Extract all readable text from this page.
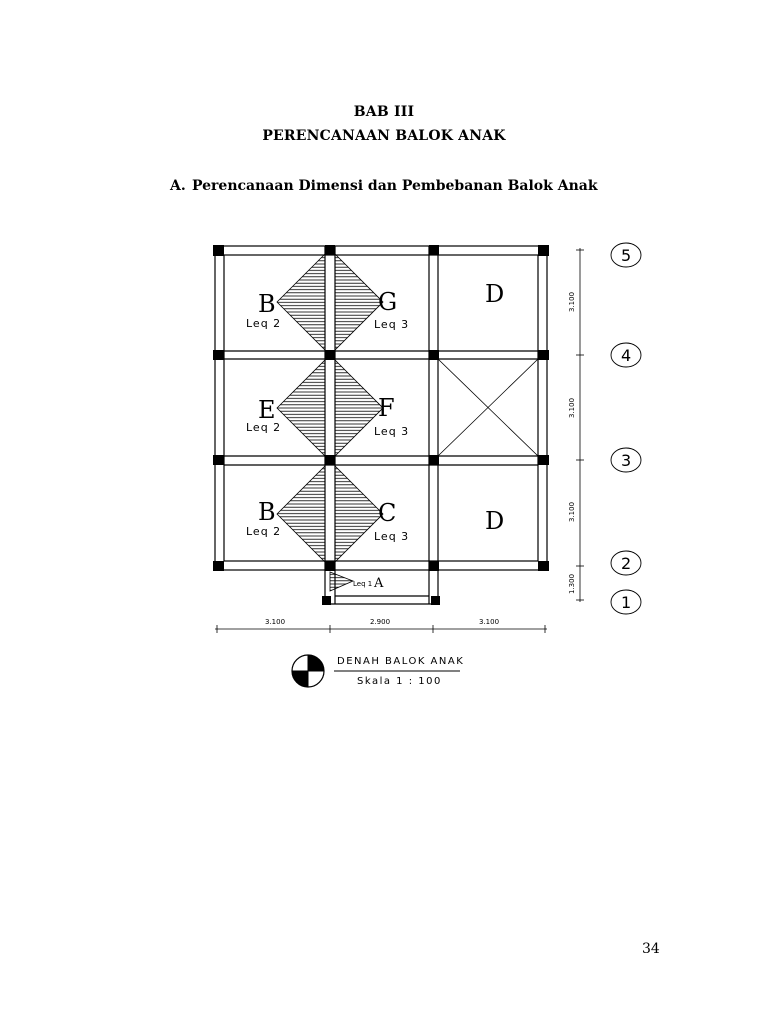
BAB III
PERENCANAAN BALOK ANAK
A. Perencanaan Dimensi dan Pembebanan Balok Anak
B
Leq 2
G
Leq 3
D
E
Leq 2
F
Leq 3
B
Leq 2
C
Leq 3
D
Leq 1 A
3.100	2.900	3.100
3.100
3.100
3.100
1.300
5
4
3
2
1
DENAH BALOK ANAK
Skala 1 : 100
34
